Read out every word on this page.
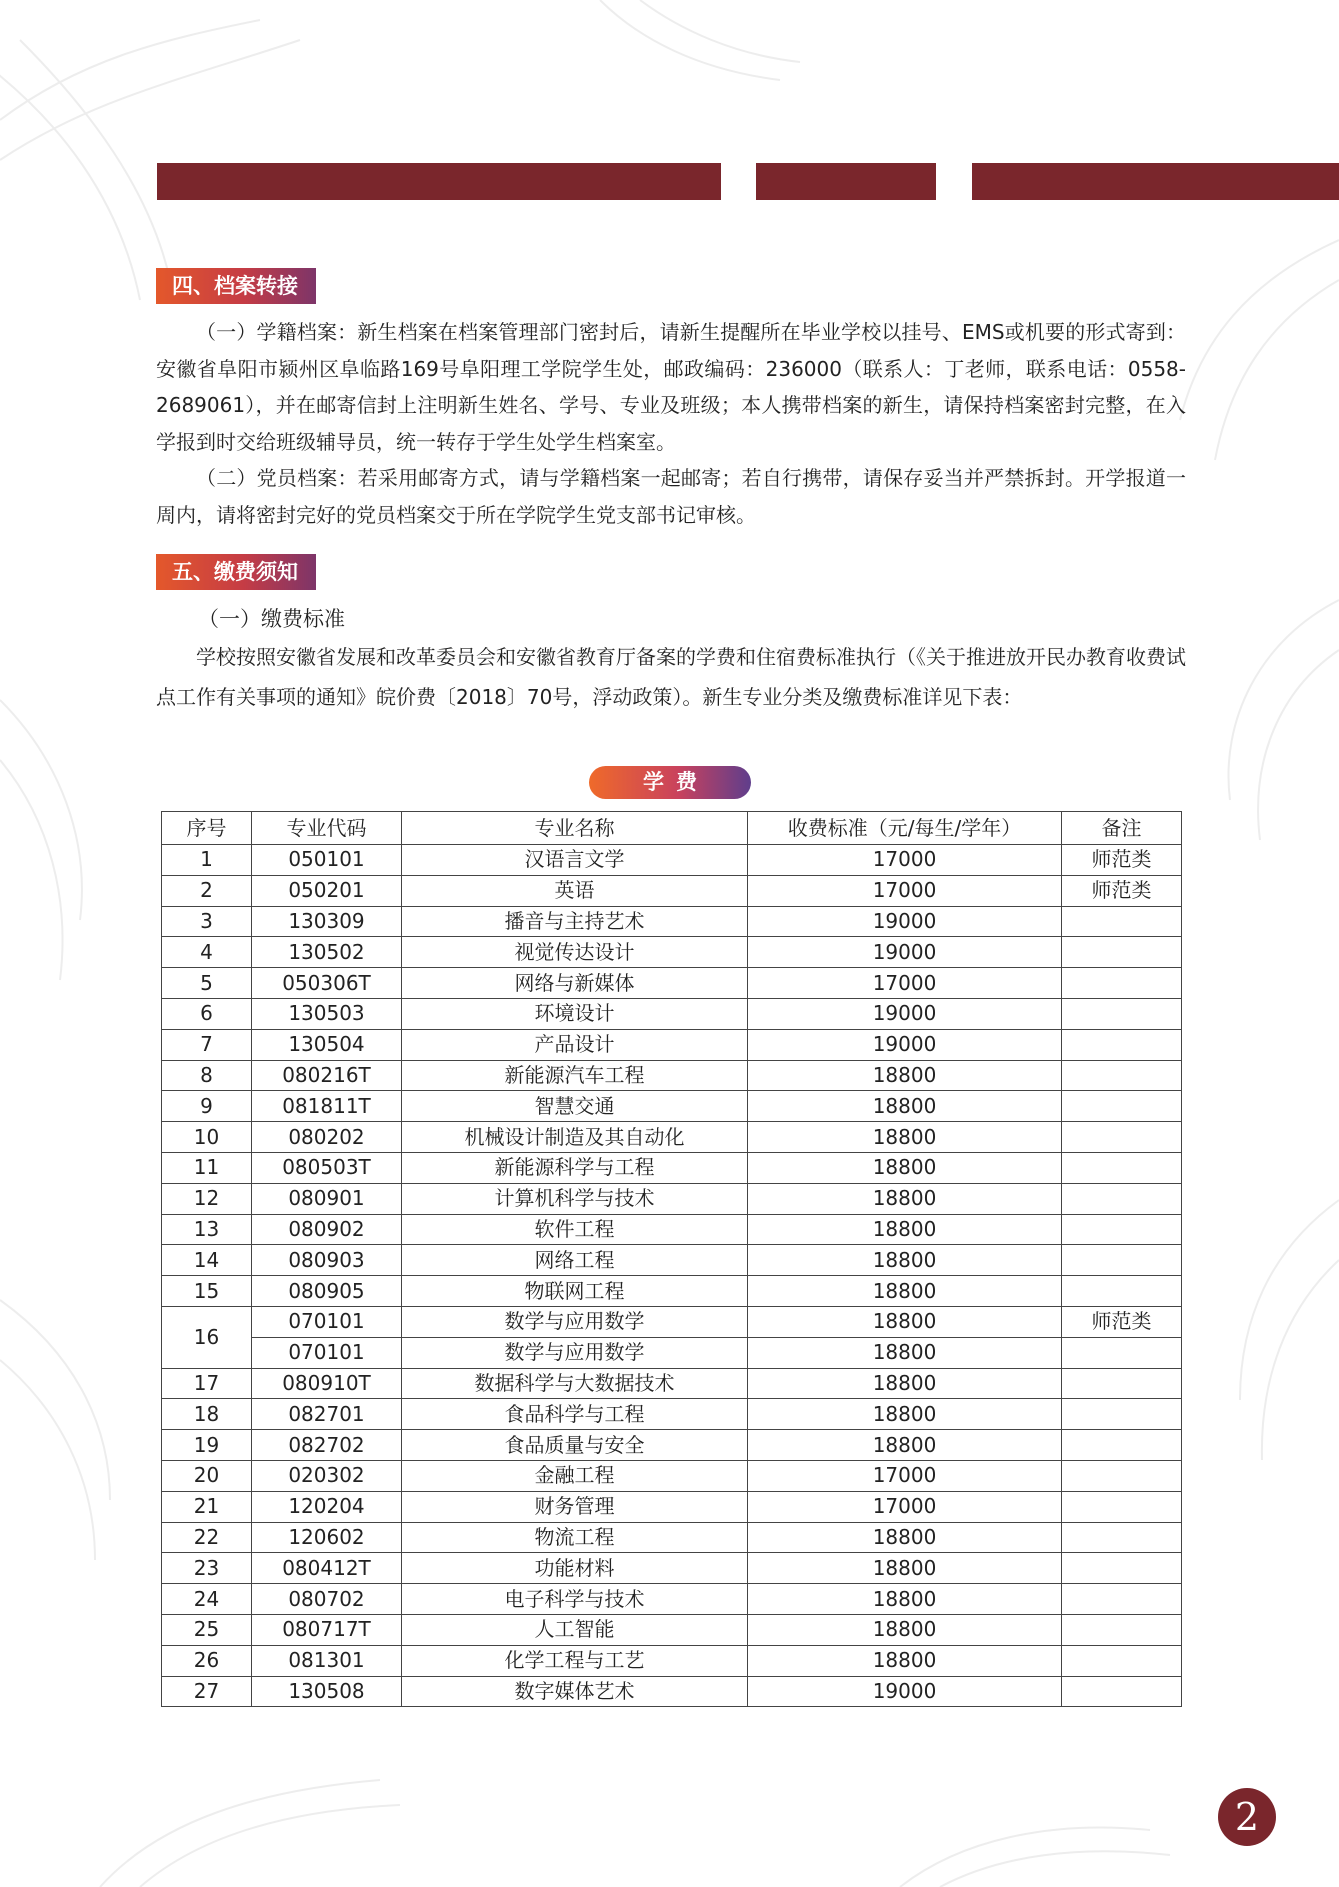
四、档案转接

（一）学籍档案：新生档案在档案管理部门密封后，请新生提醒所在毕业学校以挂号、EMS或机要的形式寄到：安徽省阜阳市颍州区阜临路169号阜阳理工学院学生处，邮政编码：236000（联系人：丁老师，联系电话：0558-2689061），并在邮寄信封上注明新生姓名、学号、专业及班级；本人携带档案的新生，请保持档案密封完整，在入学报到时交给班级辅导员，统一转存于学生处学生档案室。

（二）党员档案：若采用邮寄方式，请与学籍档案一起邮寄；若自行携带，请保存妥当并严禁拆封。开学报道一周内，请将密封完好的党员档案交于所在学院学生党支部书记审核。

五、缴费须知
（一）缴费标准

学校按照安徽省发展和改革委员会和安徽省教育厅备案的学费和住宿费标准执行（《关于推进放开民办教育收费试点工作有关事项的通知》皖价费〔2018〕70号，浮动政策）。新生专业分类及缴费标准详见下表：

学费
序号	专业代码	专业名称	收费标准（元/每生/学年）	备注
1	050101	汉语言文学	17000	师范类
2	050201	英语	17000	师范类
3	130309	播音与主持艺术	19000	
4	130502	视觉传达设计	19000	
5	050306T	网络与新媒体	17000	
6	130503	环境设计	19000	
7	130504	产品设计	19000	
8	080216T	新能源汽车工程	18800	
9	081811T	智慧交通	18800	
10	080202	机械设计制造及其自动化	18800	
11	080503T	新能源科学与工程	18800	
12	080901	计算机科学与技术	18800	
13	080902	软件工程	18800	
14	080903	网络工程	18800	
15	080905	物联网工程	18800	
16	070101	数学与应用数学	18800	师范类
	070101	数学与应用数学	18800	
17	080910T	数据科学与大数据技术	18800	
18	082701	食品科学与工程	18800	
19	082702	食品质量与安全	18800	
20	020302	金融工程	17000	
21	120204	财务管理	17000	
22	120602	物流工程	18800	
23	080412T	功能材料	18800	
24	080702	电子科学与技术	18800	
25	080717T	人工智能	18800	
26	081301	化学工程与工艺	18800	
27	130508	数字媒体艺术	19000	
2
